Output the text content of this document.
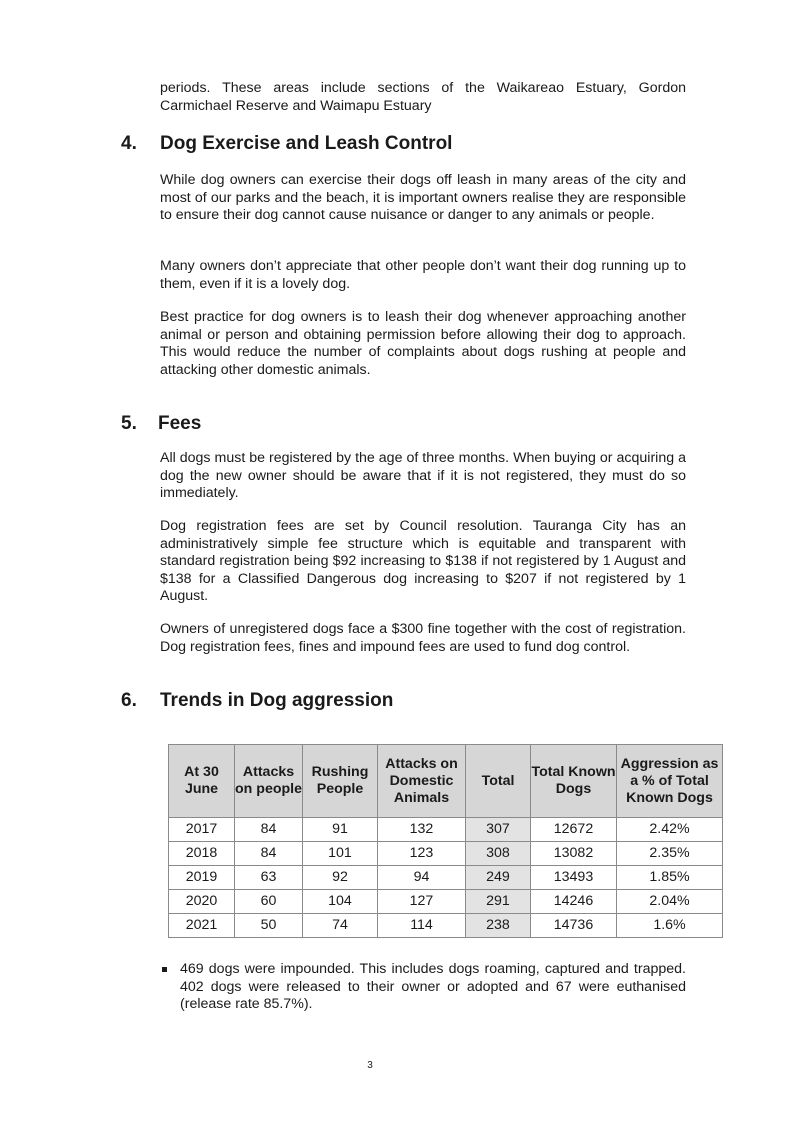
periods. These areas include sections of the Waikareao Estuary, Gordon Carmichael Reserve and Waimapu Estuary

4. Dog Exercise and Leash Control

While dog owners can exercise their dogs off leash in many areas of the city and most of our parks and the beach, it is important owners realise they are responsible to ensure their dog cannot cause nuisance or danger to any animals or people.

Many owners don’t appreciate that other people don’t want their dog running up to them, even if it is a lovely dog.

Best practice for dog owners is to leash their dog whenever approaching another animal or person and obtaining permission before allowing their dog to approach. This would reduce the number of complaints about dogs rushing at people and attacking other domestic animals.

5. Fees

All dogs must be registered by the age of three months. When buying or acquiring a dog the new owner should be aware that if it is not registered, they must do so immediately.

Dog registration fees are set by Council resolution. Tauranga City has an administratively simple fee structure which is equitable and transparent with standard registration being $92 increasing to $138 if not registered by 1 August and $138 for a Classified Dangerous dog increasing to $207 if not registered by 1 August.

Owners of unregistered dogs face a $300 fine together with the cost of registration. Dog registration fees, fines and impound fees are used to fund dog control.

6. Trends in Dog aggression
At 30 June	Attacks on people	Rushing People	Attacks on Domestic Animals	Total	Total Known Dogs	Aggression as a % of Total Known Dogs
2017	84	91	132	307	12672	2.42%
2018	84	101	123	308	13082	2.35%
2019	63	92	94	249	13493	1.85%
2020	60	104	127	291	14246	2.04%
2021	50	74	114	238	14736	1.6%

469 dogs were impounded. This includes dogs roaming, captured and trapped. 402 dogs were released to their owner or adopted and 67 were euthanised (release rate 85.7%).

3
